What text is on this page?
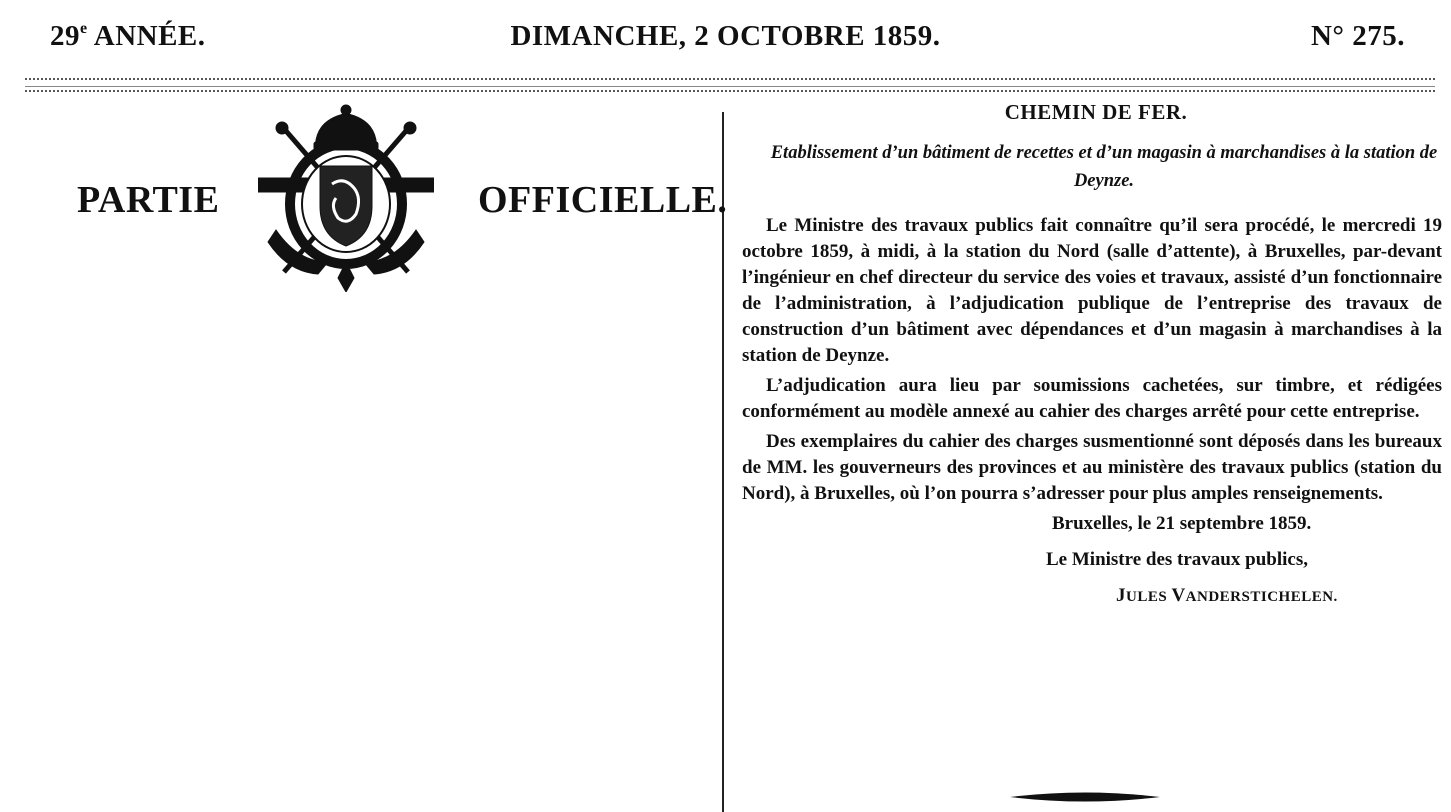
29e ANNÉE.	DIMANCHE, 2 OCTOBRE 1859.	N° 275.
PARTIE	OFFICIELLE.
CHEMIN DE FER.
Etablissement d’un bâtiment de recettes et d’un magasin à marchandises à la station de Deynze.

Le Ministre des travaux publics fait connaître qu’il sera procédé, le mercredi 19 octobre 1859, à midi, à la station du Nord (salle d’attente), à Bruxelles, par-devant l’ingénieur en chef directeur du service des voies et travaux, assisté d’un fonctionnaire de l’administration, à l’adjudication publique de l’entreprise des travaux de construction d’un bâtiment avec dépendances et d’un magasin à marchandises à la station de Deynze.

L’adjudication aura lieu par soumissions cachetées, sur timbre, et rédigées conformément au modèle annexé au cahier des charges arrêté pour cette entreprise.

Des exemplaires du cahier des charges susmentionné sont déposés dans les bureaux de MM. les gouverneurs des provinces et au ministère des travaux publics (station du Nord), à Bruxelles, où l’on pourra s’adresser pour plus amples renseignements.

Bruxelles, le 21 septembre 1859.
Le Ministre des travaux publics,
JULES VANDERSTICHELEN.
